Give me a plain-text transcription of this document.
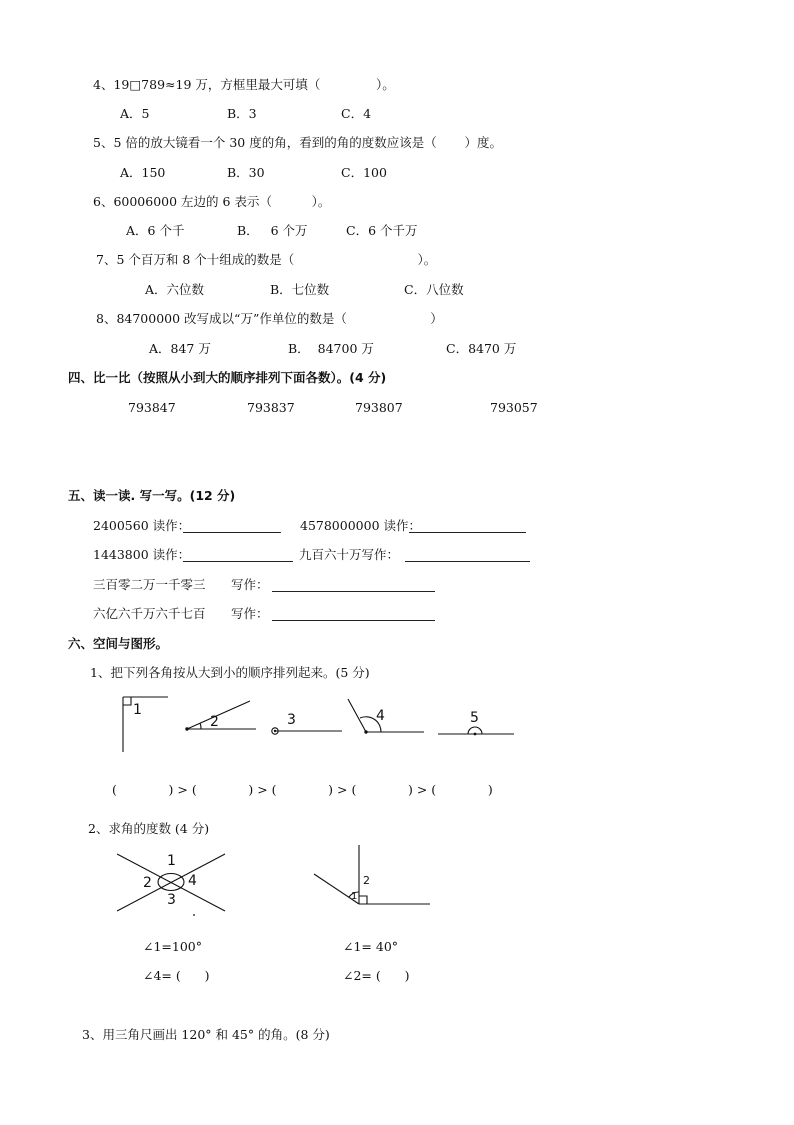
4、19□789≈19 万，方框里最大可填（              ）。
A．5	B．3	C．4
5、5 倍的放大镜看一个 30 度的角，看到的角的度数应该是（       ）度。
A．150	B．30	C．100
6、60006000 左边的 6 表示（          ）。
A．6 个千	B．   6 个万	C．6 个千万
7、5 个百万和 8 个十组成的数是（                               ）。
A．六位数	B．七位数	C．八位数
8、84700000 改写成以“万”作单位的数是（                     ）
A．847 万	B．  84700 万	C．8470 万
四、比一比（按照从小到大的顺序排列下面各数）。(4 分)
793847	793837	793807	793057
五、读一读. 写一写。(12 分)
2400560 读作：	4578000000 读作：
1443800 读作：	九百六十万写作：
三百零二万一千零三 写作：
六亿六千万六千七百 写作：
六、空间与图形。
1、把下列各角按从大到小的顺序排列起来。(5 分)
1
2	3	4	5
(             ) > (             ) > (             ) > (             ) > (             )
2、求角的度数 (4 分)
1
2
3
4
1
2
∠1=100°
∠4= (      )
∠1= 40°
∠2= (      )
3、用三角尺画出 120° 和 45° 的角。(8 分)
